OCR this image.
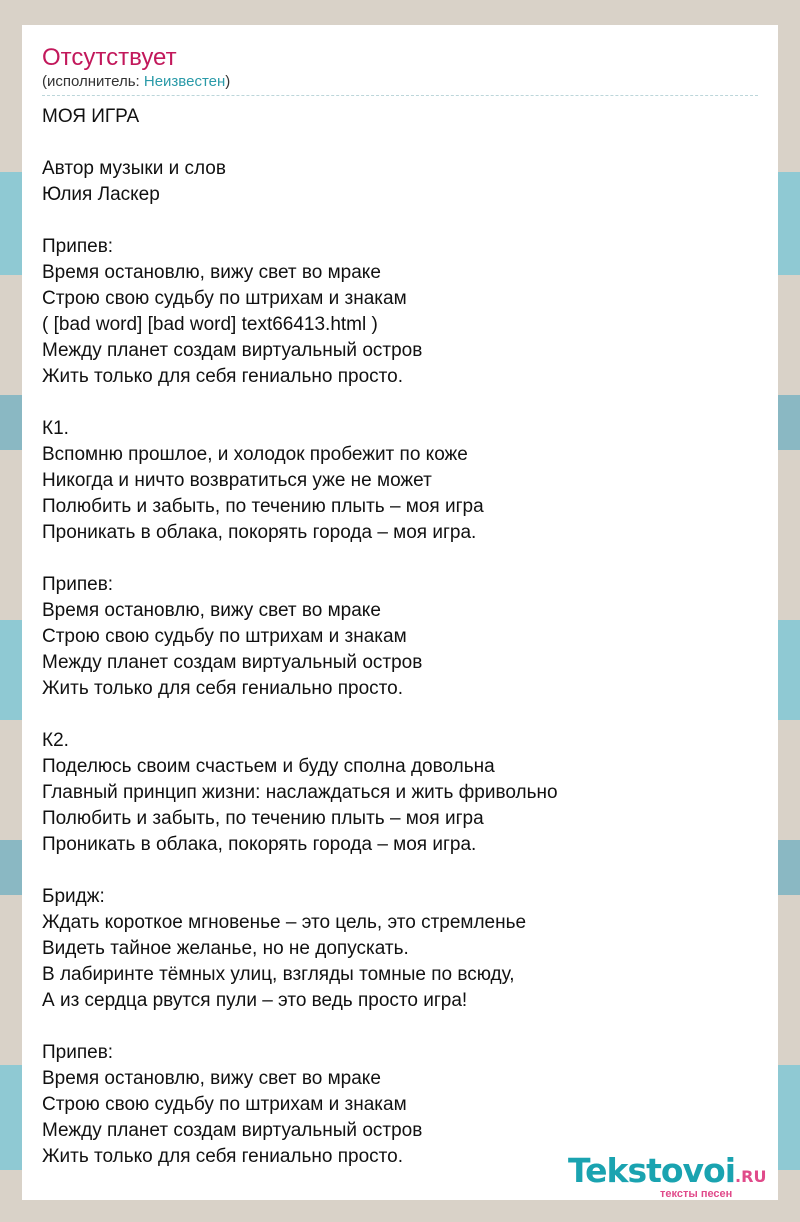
Отсутствует
(исполнитель: Неизвестен)
МОЯ ИГРА
Автор музыки и слов
Юлия Ласкер
Припев:
Время остановлю, вижу свет во мраке
Строю свою судьбу по штрихам и знакам
( [bad word] [bad word] text66413.html )
Между планет создам виртуальный остров
Жить только для себя гениально просто.
К1.
Вспомню прошлое, и холодок пробежит по коже
Никогда и ничто возвратиться уже не может
Полюбить и забыть, по течению плыть – моя игра
Проникать в облака, покорять города – моя игра.
Припев:
Время остановлю, вижу свет во мраке
Строю свою судьбу по штрихам и знакам
Между планет создам виртуальный остров
Жить только для себя гениально просто.
К2.
Поделюсь своим счастьем и буду сполна довольна
Главный принцип жизни: наслаждаться и жить фривольно
Полюбить и забыть, по течению плыть – моя игра
Проникать в облака, покорять города – моя игра.
Бридж:
Ждать короткое мгновенье – это цель, это стремленье
Видеть тайное желанье, но не допускать.
В лабиринте тёмных улиц, взгляды томные по всюду,
А из сердца рвутся пули – это ведь просто игра!
Припев:
Время остановлю, вижу свет во мраке
Строю свою судьбу по штрихам и знакам
Между планет создам виртуальный остров
Жить только для себя гениально просто.	Tekstovoi.RU
тексты песен
